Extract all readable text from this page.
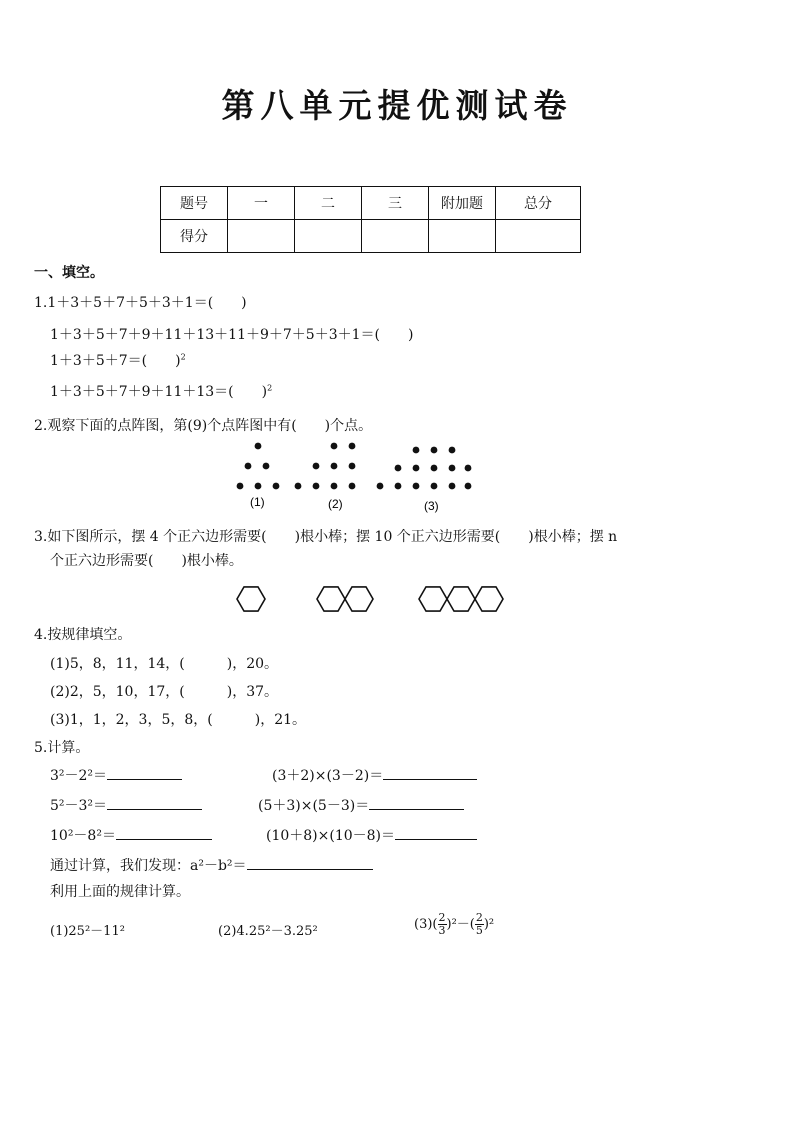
第八单元提优测试卷
题号	一	二	三	附加题	总分
得分					
一、填空。
1.1＋3＋5＋7＋5＋3＋1＝(　　)
1＋3＋5＋7＋9＋11＋13＋11＋9＋7＋5＋3＋1＝(　　)
1＋3＋5＋7＝(　　)$^2$
1＋3＋5＋7＋9＋11＋13＝(　　)$^2$
2.观察下面的点阵图，第(9)个点阵图中有(　　)个点。
(1)	(2)	(3)
3.如下图所示，摆 4 个正六边形需要(　　)根小棒；摆 10 个正六边形需要(　　)根小棒；摆 n
个正六边形需要(　　)根小棒。
4.按规律填空。
(1)5，8，11，14，(　　　)，20。
(2)2，5，10，17，(　　　)，37。
(3)1，1，2，3，5，8，(　　　)，21。
5.计算。
3²－2²＝	(3＋2)×(3－2)＝
5²－3²＝	(5＋3)×(5－3)＝
10²－8²＝	(10＋8)×(10－8)＝
通过计算，我们发现：a²－b²＝
利用上面的规律计算。
(1)25²－11²	(2)4.25²－3.25²	$(3)( \frac{2}{3} )^2-( \frac{2}{5} )^2$
